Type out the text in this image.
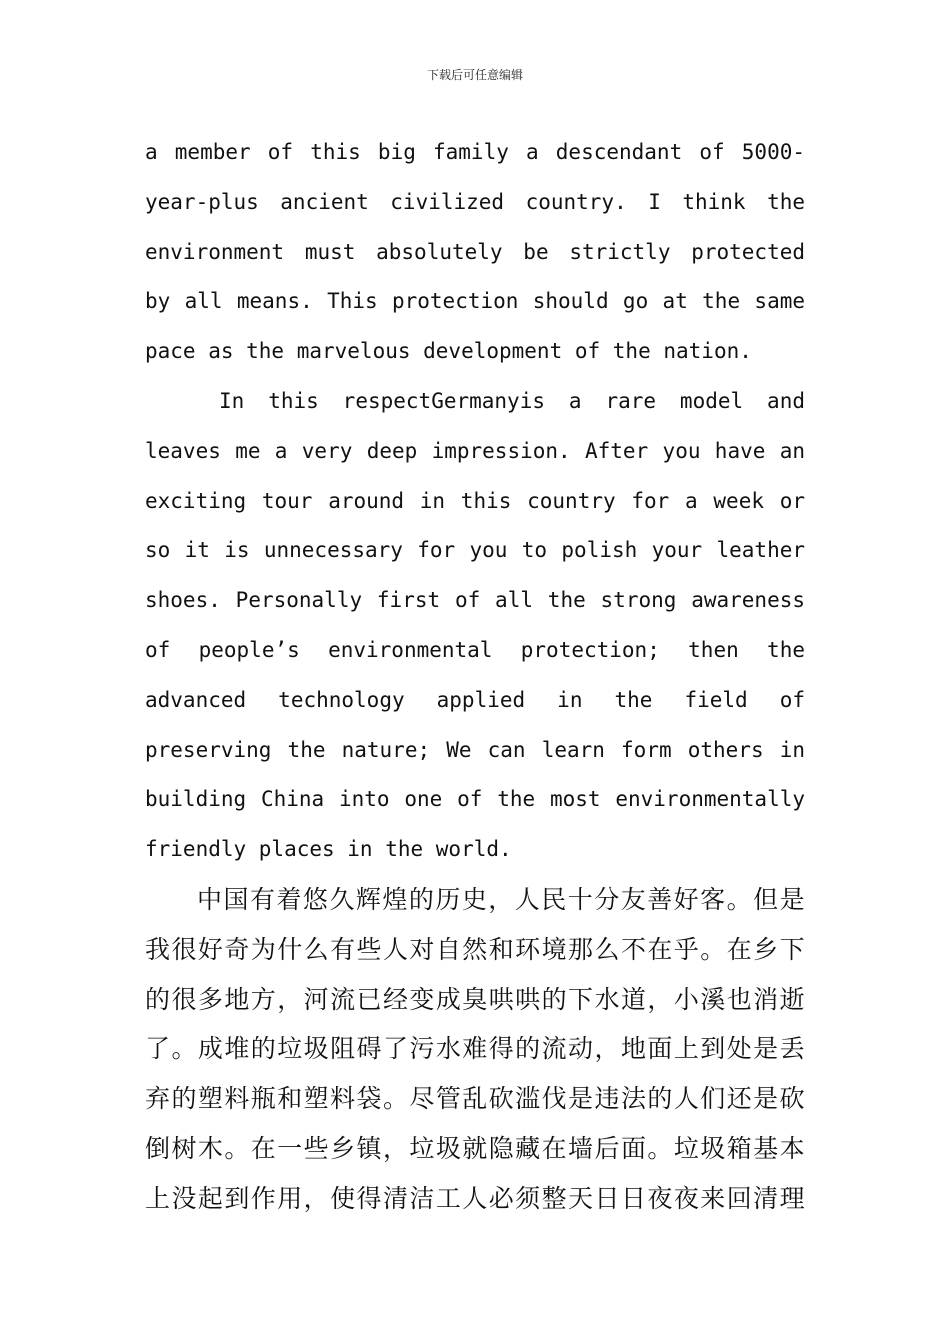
下载后可任意编辑
a member of this big family a descendant of 5000-
year-plus ancient civilized country. I think the
environment must absolutely be strictly protected
by all means. This protection should go at the same
pace as the marvelous development of the nation.
In this respectGermanyis a rare model and
leaves me a very deep impression. After you have an
exciting tour around in this country for a week or
so it is unnecessary for you to polish your leather
shoes. Personally first of all the strong awareness
of people’s environmental protection; then the
advanced technology applied in the field of
preserving the nature; We can learn form others in
building China into one of the most environmentally
friendly places in the world.
中国有着悠久辉煌的历史，人民十分友善好客。但是
我很好奇为什么有些人对自然和环境那么不在乎。在乡下
的很多地方，河流已经变成臭哄哄的下水道，小溪也消逝
了。成堆的垃圾阻碍了污水难得的流动，地面上到处是丢
弃的塑料瓶和塑料袋。尽管乱砍滥伐是违法的人们还是砍
倒树木。在一些乡镇，垃圾就隐藏在墙后面。垃圾箱基本
上没起到作用，使得清洁工人必须整天日日夜夜来回清理
